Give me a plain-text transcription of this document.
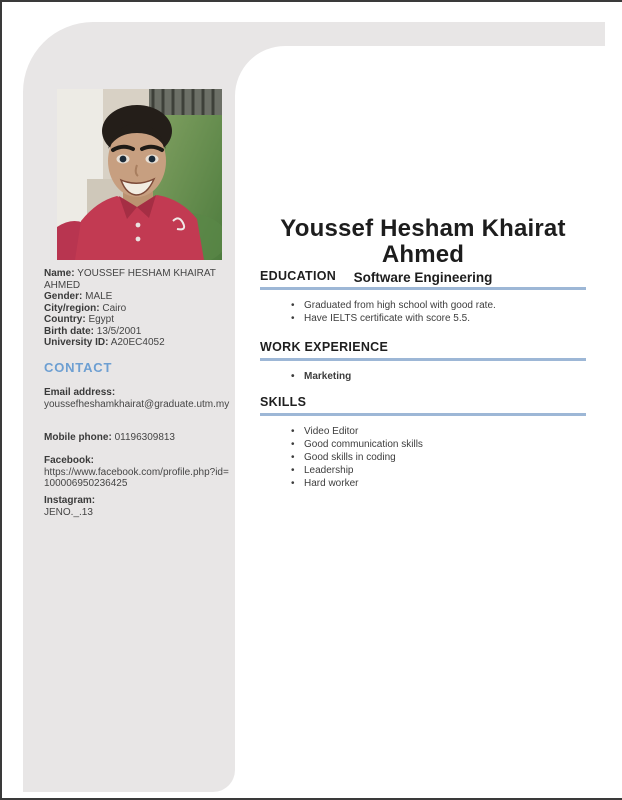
Name: YOUSSEF HESHAM KHAIRAT AHMED
Gender: MALE
City/region: Cairo
Country: Egypt
Birth date: 13/5/2001
University ID: A20EC4052
CONTACT
Email address:
youssefheshamkhairat@graduate.utm.my
Mobile phone: 01196309813
Facebook:
https://www.facebook.com/profile.php?id=100006950236425
Instagram:
JENO._.13
Youssef Hesham Khairat Ahmed
Software Engineering
EDUCATION
• Graduated from high school with good rate.
• Have IELTS certificate with score 5.5.
WORK EXPERIENCE
• Marketing
SKILLS
• Video Editor
• Good communication skills
• Good skills in coding
• Leadership
• Hard worker
